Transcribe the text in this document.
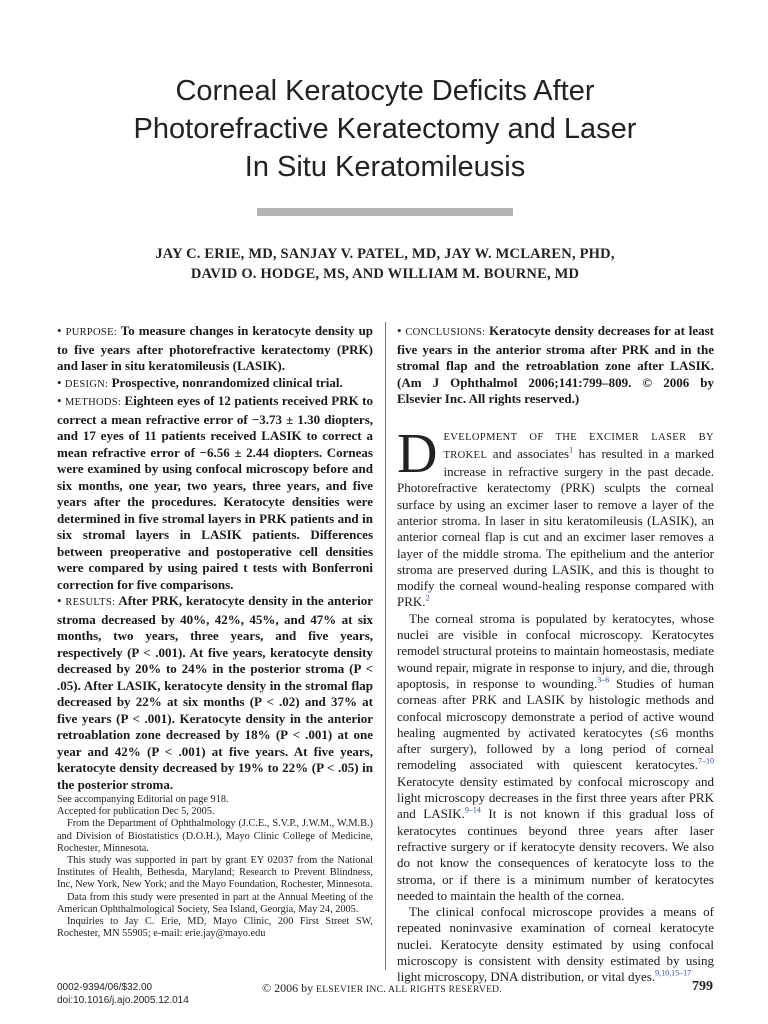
Corneal Keratocyte Deficits After
Photorefractive Keratectomy and Laser
In Situ Keratomileusis
JAY C. ERIE, MD, SANJAY V. PATEL, MD, JAY W. MCLAREN, PHD,
DAVID O. HODGE, MS, AND WILLIAM M. BOURNE, MD

• PURPOSE: To measure changes in keratocyte density up to five years after photorefractive keratectomy (PRK) and laser in situ keratomileusis (LASIK).
• DESIGN: Prospective, nonrandomized clinical trial.
• METHODS: Eighteen eyes of 12 patients received PRK to correct a mean refractive error of −3.73 ± 1.30 diopters, and 17 eyes of 11 patients received LASIK to correct a mean refractive error of −6.56 ± 2.44 diopters. Corneas were examined by using confocal microscopy before and six months, one year, two years, three years, and five years after the procedures. Keratocyte densities were determined in five stromal layers in PRK patients and in six stromal layers in LASIK patients. Differences between preoperative and postoperative cell densities were compared by using paired t tests with Bonferroni correction for five comparisons.
• RESULTS: After PRK, keratocyte density in the anterior stroma decreased by 40%, 42%, 45%, and 47% at six months, two years, three years, and five years, respectively (P < .001). At five years, keratocyte density decreased by 20% to 24% in the posterior stroma (P < .05). After LASIK, keratocyte density in the stromal flap decreased by 22% at six months (P < .02) and 37% at five years (P < .001). Keratocyte density in the anterior retroablation zone decreased by 18% (P < .001) at one year and 42% (P < .001) at five years. At five years, keratocyte density decreased by 19% to 22% (P < .05) in the posterior stroma.

See accompanying Editorial on page 918.

Accepted for publication Dec 5, 2005.

From the Department of Ophthalmology (J.C.E., S.V.P., J.W.M., W.M.B.) and Division of Biostatistics (D.O.H.), Mayo Clinic College of Medicine, Rochester, Minnesota.

This study was supported in part by grant EY 02037 from the National Institutes of Health, Bethesda, Maryland; Research to Prevent Blindness, Inc, New York, New York; and the Mayo Foundation, Rochester, Minnesota.

Data from this study were presented in part at the Annual Meeting of the American Ophthalmological Society, Sea Island, Georgia, May 24, 2005.

Inquiries to Jay C. Erie, MD, Mayo Clinic, 200 First Street SW, Rochester, MN 55905; e-mail: erie.jay@mayo.edu

• CONCLUSIONS: Keratocyte density decreases for at least five years in the anterior stroma after PRK and in the stromal flap and the retroablation zone after LASIK. (Am J Ophthalmol 2006;141:799–809. © 2006 by Elsevier Inc. All rights reserved.)

D EVELOPMENT OF THE EXCIMER LASER BY TROKEL and associates$^1$ has resulted in a marked increase in refractive surgery in the past decade. Photorefractive keratectomy (PRK) sculpts the corneal surface by using an excimer laser to remove a layer of the anterior stroma. In laser in situ keratomileusis (LASIK), an anterior corneal flap is cut and an excimer laser removes a layer of the middle stroma. The epithelium and the anterior stroma are preserved during LASIK, and this is thought to modify the corneal wound-healing response compared with PRK.$^2$

The corneal stroma is populated by keratocytes, whose nuclei are visible in confocal microscopy. Keratocytes remodel structural proteins to maintain homeostasis, mediate wound repair, migrate in response to injury, and die, through apoptosis, in response to wounding.$^{3-6}$ Studies of human corneas after PRK and LASIK by histologic methods and confocal microscopy demonstrate a period of active wound healing augmented by activated keratocytes (≤6 months after surgery), followed by a long period of corneal remodeling associated with quiescent keratocytes.$^{7-10}$ Keratocyte density estimated by confocal microscopy and light microscopy decreases in the first three years after PRK and LASIK.$^{9-14}$ It is not known if this gradual loss of keratocytes continues beyond three years after laser refractive surgery or if keratocyte density recovers. We also do not know the consequences of keratocyte loss to the stroma, or if there is a minimum number of keratocytes needed to maintain the health of the cornea.

The clinical confocal microscope provides a means of repeated noninvasive examination of corneal keratocyte nuclei. Keratocyte density estimated by using confocal microscopy is consistent with density estimated by using light microscopy, DNA distribution, or vital dyes.$^{9,10,15-17}$

0002-9394/06/$32.00
doi:10.1016/j.ajo.2005.12.014
© 2006 by ELSEVIER INC. ALL RIGHTS RESERVED.	799
